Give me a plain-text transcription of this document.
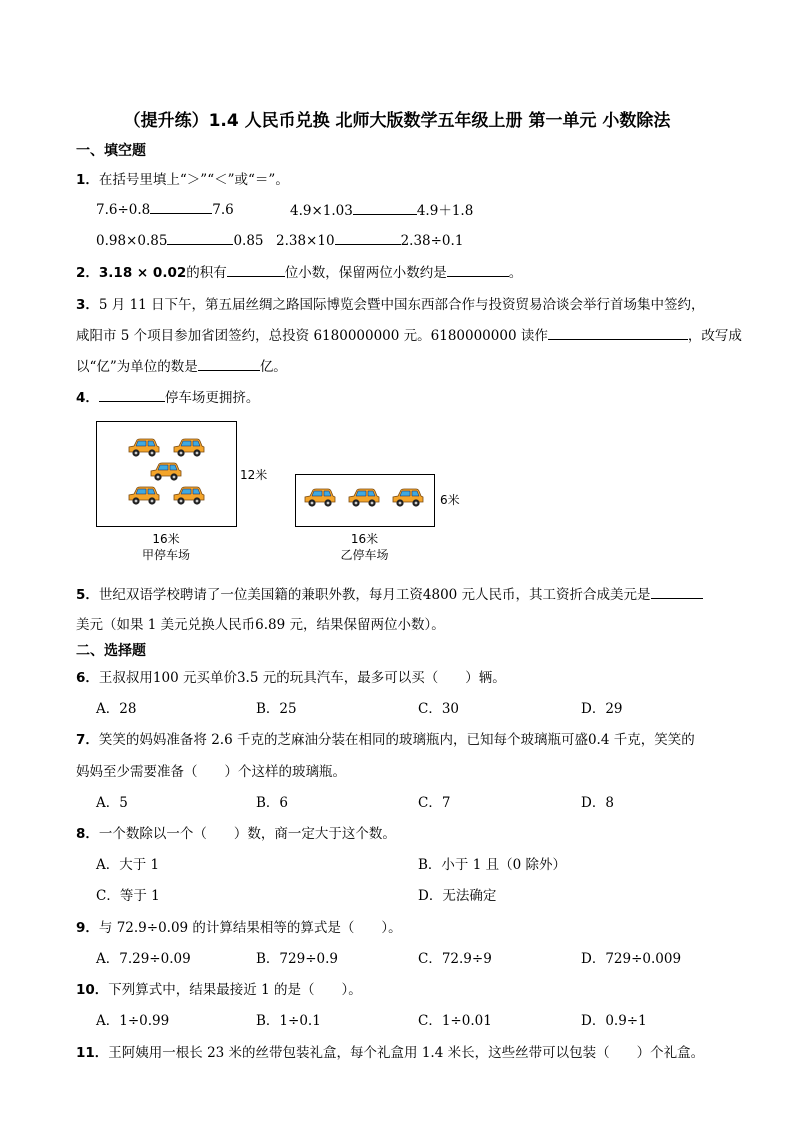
（提升练）1.4 人民币兑换 北师大版数学五年级上册 第一单元 小数除法
一、填空题
1．在括号里填上“＞”“＜”或“＝”。
7.6÷0.8	7.6	4.9×1.03	4.9＋1.8
0.98×0.85	0.85 2.38×10	2.38÷0.1
2．3.18 × 0.02的积有	位小数，保留两位小数约是	。
3．5 月 11 日下午，第五届丝绸之路国际博览会暨中国东西部合作与投资贸易洽谈会举行首场集中签约，
咸阳市 5 个项目参加省团签约，总投资 6180000000 元。6180000000 读作	，改写成
以“亿”为单位的数是	亿。
4．	停车场更拥挤。
12米
16米
甲停车场
6米
16米
乙停车场
5．世纪双语学校聘请了一位美国籍的兼职外教，每月工资4800 元人民币，其工资折合成美元是
美元（如果 1 美元兑换人民币6.89 元，结果保留两位小数）。
二、选择题
6．王叔叔用100 元买单价3.5 元的玩具汽车，最多可以买（　　）辆。
A．28	B．25	C．30	D．29
7．笑笑的妈妈准备将 2.6 千克的芝麻油分装在相同的玻璃瓶内，已知每个玻璃瓶可盛0.4 千克，笑笑的
妈妈至少需要准备（　　）个这样的玻璃瓶。
A．5	B．6	C．7	D．8
8．一个数除以一个（　　）数，商一定大于这个数。
A．大于 1	B．小于 1 且（0 除外）
C．等于 1	D．无法确定
9．与 72.9÷0.09 的计算结果相等的算式是（　　）。
A．7.29÷0.09	B．729÷0.9	C．72.9÷9	D．729÷0.009
10．下列算式中，结果最接近 1 的是（　　）。
A．1÷0.99	B．1÷0.1	C．1÷0.01	D．0.9÷1
11．王阿姨用一根长 23 米的丝带包装礼盒，每个礼盒用 1.4 米长，这些丝带可以包装（　　）个礼盒。
